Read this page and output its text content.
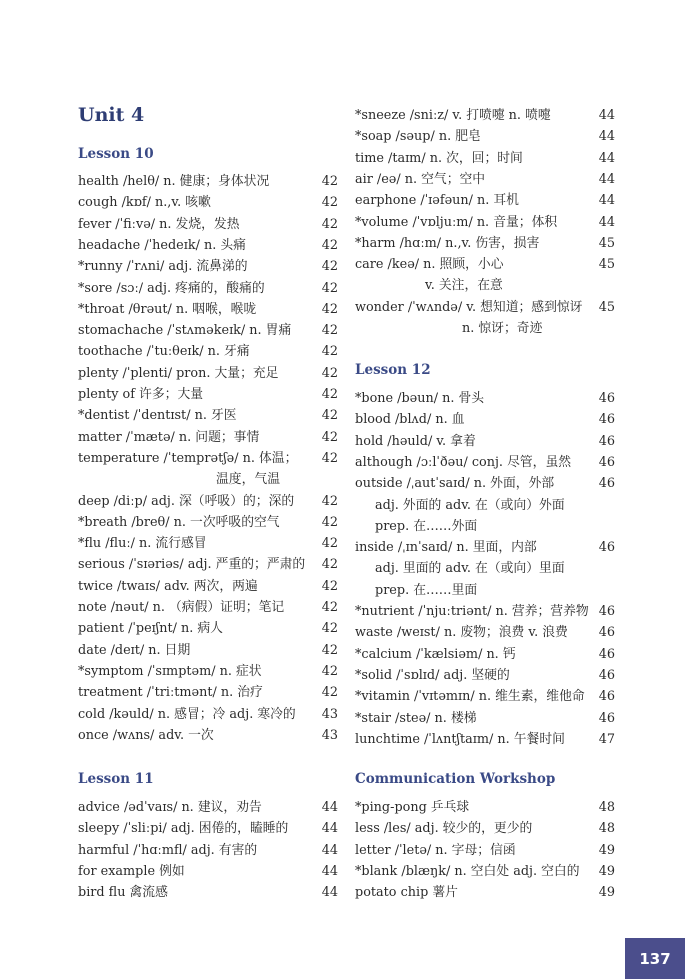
Unit 4
Lesson 10
health /helθ/ n. 健康；身体状况	42
cough /kɒf/ n.,v. 咳嗽	42
fever /ˈfiːvə/ n. 发烧，发热	42
headache /ˈhedeɪk/ n. 头痛	42
*runny /ˈrʌni/ adj. 流鼻涕的	42
*sore /sɔː/ adj. 疼痛的，酸痛的	42
*throat /θrəut/ n. 咽喉，喉咙	42
stomachache /ˈstʌməkeɪk/ n. 胃痛	42
toothache /ˈtuːθeɪk/ n. 牙痛	42
plenty /ˈplenti/ pron. 大量；充足	42
plenty of 许多；大量	42
*dentist /ˈdentɪst/ n. 牙医	42
matter /ˈmætə/ n. 问题；事情	42
temperature /ˈtemprətʃə/ n. 体温；	42
温度，气温
deep /diːp/ adj. 深（呼吸）的；深的	42
*breath /breθ/ n. 一次呼吸的空气	42
*flu /fluː/ n. 流行感冒	42
serious /ˈsɪəriəs/ adj. 严重的；严肃的	42
twice /twaɪs/ adv. 两次，两遍	42
note /nəut/ n. （病假）证明；笔记	42
patient /ˈpeɪʃnt/ n. 病人	42
date /deɪt/ n. 日期	42
*symptom /ˈsɪmptəm/ n. 症状	42
treatment /ˈtriːtmənt/ n. 治疗	42
cold /kəuld/ n. 感冒；冷 adj. 寒冷的	43
once /wʌns/ adv. 一次	43
Lesson 11
advice /ədˈvaɪs/ n. 建议，劝告	44
sleepy /ˈsliːpi/ adj. 困倦的，瞌睡的	44
harmful /ˈhɑːmfl/ adj. 有害的	44
for example 例如	44
bird flu 禽流感	44
*sneeze /sniːz/ v. 打喷嚏 n. 喷嚏	44
*soap /səup/ n. 肥皂	44
time /taɪm/ n. 次，回；时间	44
air /eə/ n. 空气；空中	44
earphone /ˈɪəfəun/ n. 耳机	44
*volume /ˈvɒljuːm/ n. 音量；体积	44
*harm /hɑːm/ n.,v. 伤害，损害	45
care /keə/ n. 照顾，小心	45
v. 关注，在意
wonder /ˈwʌndə/ v. 想知道；感到惊讶	45
n. 惊讶；奇迹
Lesson 12
*bone /bəun/ n. 骨头	46
blood /blʌd/ n. 血	46
hold /həuld/ v. 拿着	46
although /ɔːlˈðəu/ conj. 尽管，虽然	46
outside /ˌautˈsaɪd/ n. 外面，外部	46
adj. 外面的 adv. 在（或向）外面
prep. 在……外面
inside /ˌɪnˈsaɪd/ n. 里面，内部	46
adj. 里面的 adv. 在（或向）里面
prep. 在……里面
*nutrient /ˈnjuːtriənt/ n. 营养；营养物 46
waste /weɪst/ n. 废物；浪费 v. 浪费	46
*calcium /ˈkælsiəm/ n. 钙	46
*solid /ˈsɒlɪd/ adj. 坚硬的	46
*vitamin /ˈvɪtəmɪn/ n. 维生素，维他命	46
*stair /steə/ n. 楼梯	46
lunchtime /ˈlʌntʃtaɪm/ n. 午餐时间	47
Communication Workshop
*ping-pong 乒乓球	48
less /les/ adj. 较少的，更少的	48
letter /ˈletə/ n. 字母；信函	49
*blank /blæŋk/ n. 空白处 adj. 空白的	49
potato chip 薯片	49
137
